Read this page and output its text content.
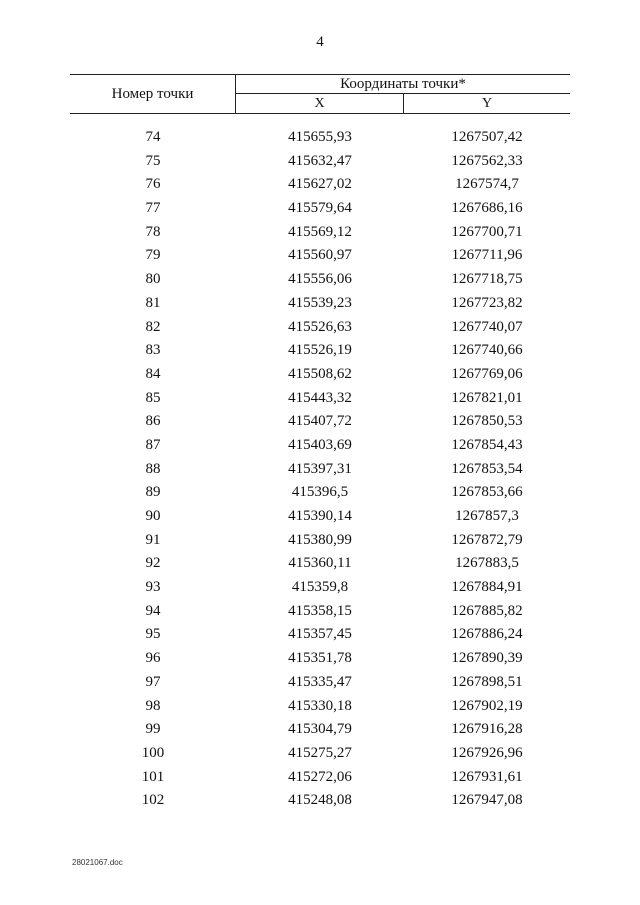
4
Номер точки
Координаты точки*
X	Y
74	415655,93	1267507,42
75	415632,47	1267562,33
76	415627,02	1267574,7
77	415579,64	1267686,16
78	415569,12	1267700,71
79	415560,97	1267711,96
80	415556,06	1267718,75
81	415539,23	1267723,82
82	415526,63	1267740,07
83	415526,19	1267740,66
84	415508,62	1267769,06
85	415443,32	1267821,01
86	415407,72	1267850,53
87	415403,69	1267854,43
88	415397,31	1267853,54
89	415396,5	1267853,66
90	415390,14	1267857,3
91	415380,99	1267872,79
92	415360,11	1267883,5
93	415359,8	1267884,91
94	415358,15	1267885,82
95	415357,45	1267886,24
96	415351,78	1267890,39
97	415335,47	1267898,51
98	415330,18	1267902,19
99	415304,79	1267916,28
100	415275,27	1267926,96
101	415272,06	1267931,61
102	415248,08	1267947,08
28021067.doc
